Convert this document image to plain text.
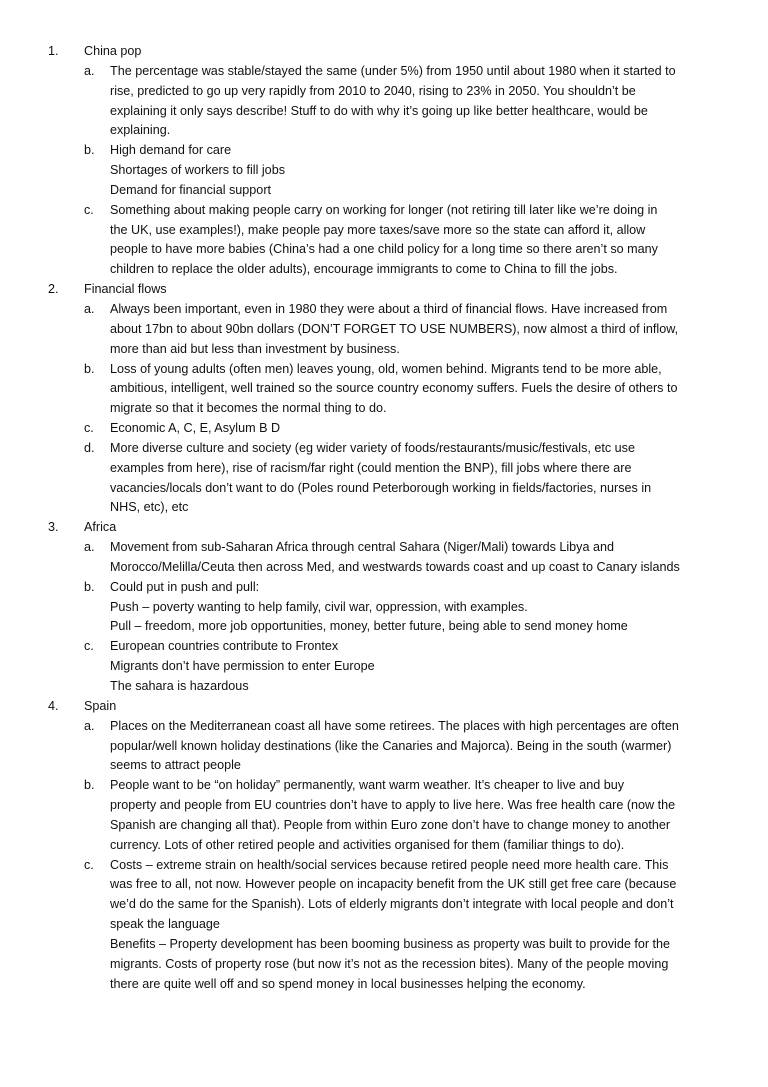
1.	China pop
a.	The percentage was stable/stayed the same (under 5%) from 1950 until about 1980 when it started to
rise, predicted to go up very rapidly from 2010 to 2040, rising to 23% in 2050. You shouldn’t be
explaining it only says describe! Stuff to do with why it’s going up like better healthcare, would be
explaining.
b.	High demand for care
Shortages of workers to fill jobs
Demand for financial support
c.	Something about making people carry on working for longer (not retiring till later like we’re doing in
the UK, use examples!), make people pay more taxes/save more so the state can afford it, allow
people to have more babies (China’s had a one child policy for a long time so there aren’t so many
children to replace the older adults), encourage immigrants to come to China to fill the jobs.
2.	Financial flows
a.	Always been important, even in 1980 they were about a third of financial flows. Have increased from
about 17bn to about 90bn dollars (DON’T FORGET TO USE NUMBERS), now almost a third of inflow,
more than aid but less than investment by business.
b.	Loss of young adults (often men) leaves young, old, women behind. Migrants tend to be more able,
ambitious, intelligent, well trained so the source country economy suffers. Fuels the desire of others to
migrate so that it becomes the normal thing to do.
c.	Economic A, C, E, Asylum B D
d.	More diverse culture and society (eg wider variety of foods/restaurants/music/festivals, etc use
examples from here), rise of racism/far right (could mention the BNP), fill jobs where there are
vacancies/locals don’t want to do (Poles round Peterborough working in fields/factories, nurses in
NHS, etc), etc
3.	Africa
a.	Movement from sub-Saharan Africa through central Sahara (Niger/Mali) towards Libya and
Morocco/Melilla/Ceuta then across Med, and westwards towards coast and up coast to Canary islands
b.	Could put in push and pull:
Push – poverty wanting to help family, civil war, oppression, with examples.
Pull – freedom, more job opportunities, money, better future, being able to send money home
c.	European countries contribute to Frontex
Migrants don’t have permission to enter Europe
The sahara is hazardous
4.	Spain
a.	Places on the Mediterranean coast all have some retirees. The places with high percentages are often
popular/well known holiday destinations (like the Canaries and Majorca). Being in the south (warmer)
seems to attract people
b.	People want to be “on holiday” permanently, want warm weather. It’s cheaper to live and buy
property and people from EU countries don’t have to apply to live here. Was free health care (now the
Spanish are changing all that). People from within Euro zone don’t have to change money to another
currency. Lots of other retired people and activities organised for them (familiar things to do).
c.	Costs – extreme strain on health/social services because retired people need more health care. This
was free to all, not now. However people on incapacity benefit from the UK still get free care (because
we’d do the same for the Spanish). Lots of elderly migrants don’t integrate with local people and don’t
speak the language
Benefits – Property development has been booming business as property was built to provide for the
migrants. Costs of property rose (but now it’s not as the recession bites). Many of the people moving
there are quite well off and so spend money in local businesses helping the economy.
